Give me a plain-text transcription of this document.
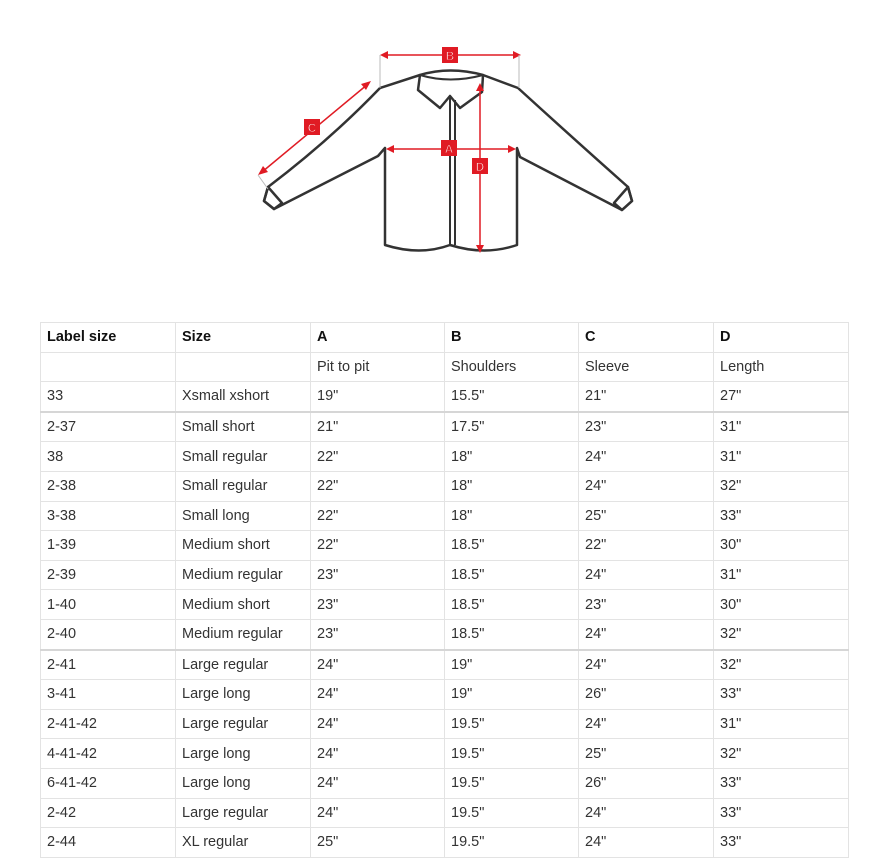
B
C
A
D
Label size	Size	A	B	C	D
		Pit to pit	Shoulders	Sleeve	Length
33	Xsmall xshort	19"	15.5"	21"	27"
2-37	Small short	21"	17.5"	23"	31"
38	Small regular	22"	18"	24"	31"
2-38	Small regular	22"	18"	24"	32"
3-38	Small long	22"	18"	25"	33"
1-39	Medium short	22"	18.5"	22"	30"
2-39	Medium regular	23"	18.5"	24"	31"
1-40	Medium short	23"	18.5"	23"	30"
2-40	Medium regular	23"	18.5"	24"	32"
2-41	Large regular	24"	19"	24"	32"
3-41	Large long	24"	19"	26"	33"
2-41-42	Large regular	24"	19.5"	24"	31"
4-41-42	Large long	24"	19.5"	25"	32"
6-41-42	Large long	24"	19.5"	26"	33"
2-42	Large regular	24"	19.5"	24"	33"
2-44	XL regular	25"	19.5"	24"	33"
